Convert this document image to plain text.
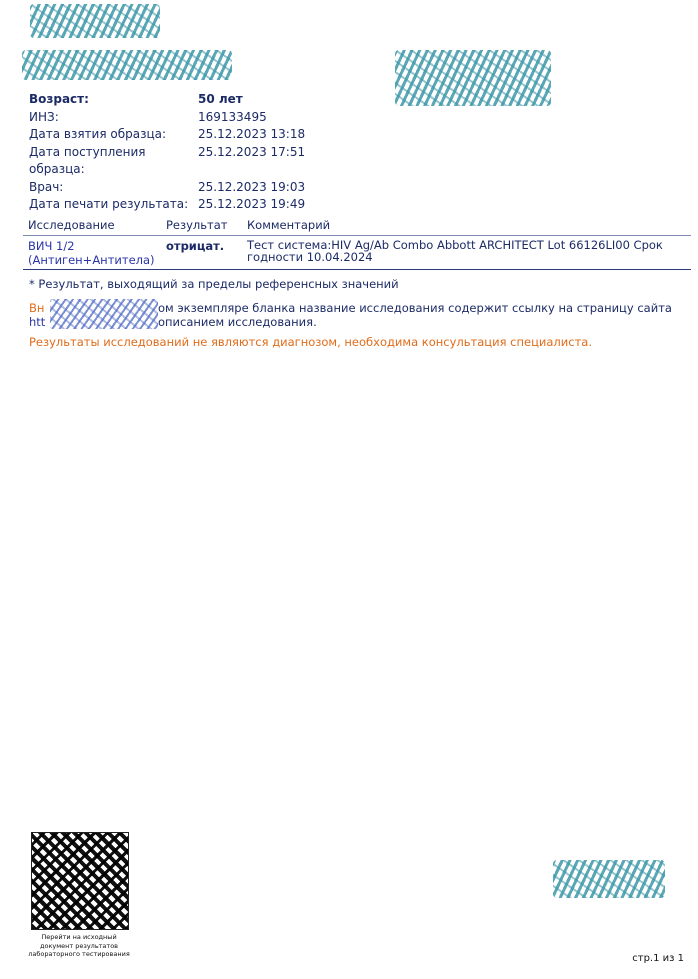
Возраст:	50 лет
ИНЗ:	169133495
Дата взятия образца:	25.12.2023 13:18
Дата поступления образца:
25.12.2023 17:51
Врач:	25.12.2023 19:03
Дата печати результата: 25.12.2023 19:49
Исследование	Результат	Комментарий
ВИЧ 1/2
(Антиген+Антитела)
отрицат.	Тест система:HIV Ag/Ab Combo Abbott ARCHITECT Lot 66126LI00 Срок годности 10.04.2024
* Результат, выходящий за пределы референсных значений
Вн
htt
ом экземпляре бланка название исследования содержит ссылку на страницу сайта описанием исследования.
Результаты исследований не являются диагнозом, необходима консультация специалиста.
Перейти на исходный документ результатов лабораторного тестирования	стр.1 из 1
